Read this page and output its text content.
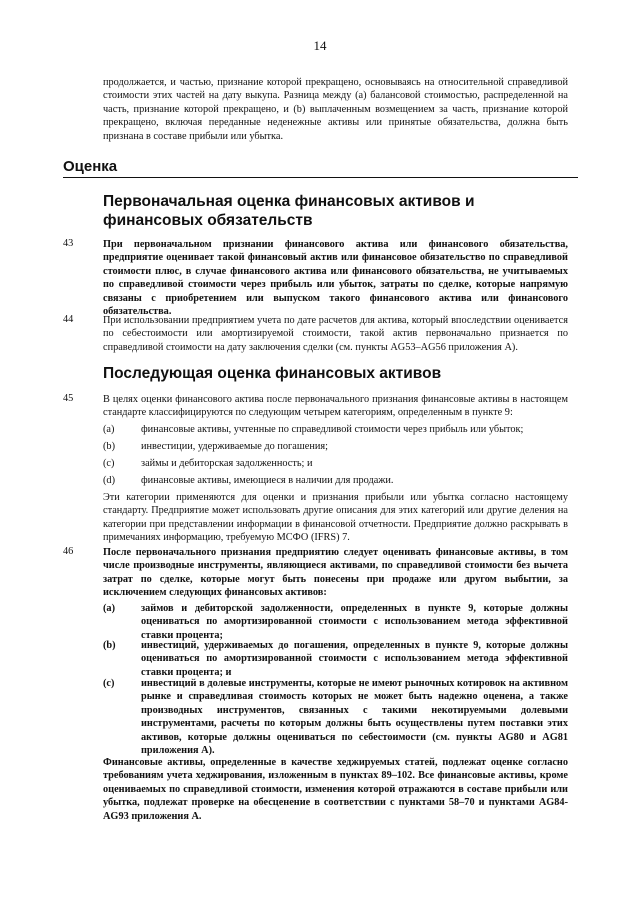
14
продолжается, и частью, признание которой прекращено, основываясь на относительной справедливой стоимости этих частей на дату выкупа. Разница между (а) балансовой стоимостью, распределенной на часть, признание которой прекращено, и (b) выплаченным возмещением за часть, признание которой прекращено, включая переданные неденежные активы или принятые обязательства, должна быть признана в составе прибыли или убытка.
Оценка
Первоначальная оценка финансовых активов и финансовых обязательств
43	При первоначальном признании финансового актива или финансового обязательства, предприятие оценивает такой финансовый актив или финансовое обязательство по справедливой стоимости плюс, в случае финансового актива или финансового обязательства, не учитываемых по справедливой стоимости через прибыль или убыток, затраты по сделке, которые напрямую связаны с приобретением или выпуском такого финансового актива или финансового обязательства.
44	При использовании предприятием учета по дате расчетов для актива, который впоследствии оценивается по себестоимости или амортизируемой стоимости, такой актив первоначально признается по справедливой стоимости на дату заключения сделки (см. пункты AG53–AG56 приложения А).
Последующая оценка финансовых активов
45	В целях оценки финансового актива после первоначального признания финансовые активы в настоящем стандарте классифицируются по следующим четырем категориям, определенным в пункте 9:
(a)	финансовые активы, учтенные по справедливой стоимости через прибыль или убыток;
(b)	инвестиции, удерживаемые до погашения;
(c)	займы и дебиторская задолженность; и
(d)	финансовые активы, имеющиеся в наличии для продажи.
Эти категории применяются для оценки и признания прибыли или убытка согласно настоящему стандарту. Предприятие может использовать другие описания для этих категорий или другие деления на категории при представлении информации в финансовой отчетности. Предприятие должно раскрывать в примечаниях информацию, требуемую МСФО (IFRS) 7.
46	После первоначального признания предприятию следует оценивать финансовые активы, в том числе производные инструменты, являющиеся активами, по справедливой стоимости без вычета затрат по сделке, которые могут быть понесены при продаже или другом выбытии, за исключением следующих финансовых активов:
(a)	займов и дебиторской задолженности, определенных в пункте 9, которые должны оцениваться по амортизированной стоимости с использованием метода эффективной ставки процента;
(b)	инвестиций, удерживаемых до погашения, определенных в пункте 9, которые должны оцениваться по амортизированной стоимости с использованием метода эффективной ставки процента; и
(c)	инвестиций в долевые инструменты, которые не имеют рыночных котировок на активном рынке и справедливая стоимость которых не может быть надежно оценена, а также производных инструментов, связанных с такими некотируемыми долевыми инструментами, расчеты по которым должны быть осуществлены путем поставки этих активов, которые должны оцениваться по себестоимости (см. пункты AG80 и AG81 приложения А).
Финансовые активы, определенные в качестве хеджируемых статей, подлежат оценке согласно требованиям учета хеджирования, изложенным в пунктах 89–102. Все финансовые активы, кроме оцениваемых по справедливой стоимости, изменения которой отражаются в составе прибыли или убытка, подлежат проверке на обесценение в соответствии с пунктами 58–70 и пунктами AG84-AG93 приложения А.
